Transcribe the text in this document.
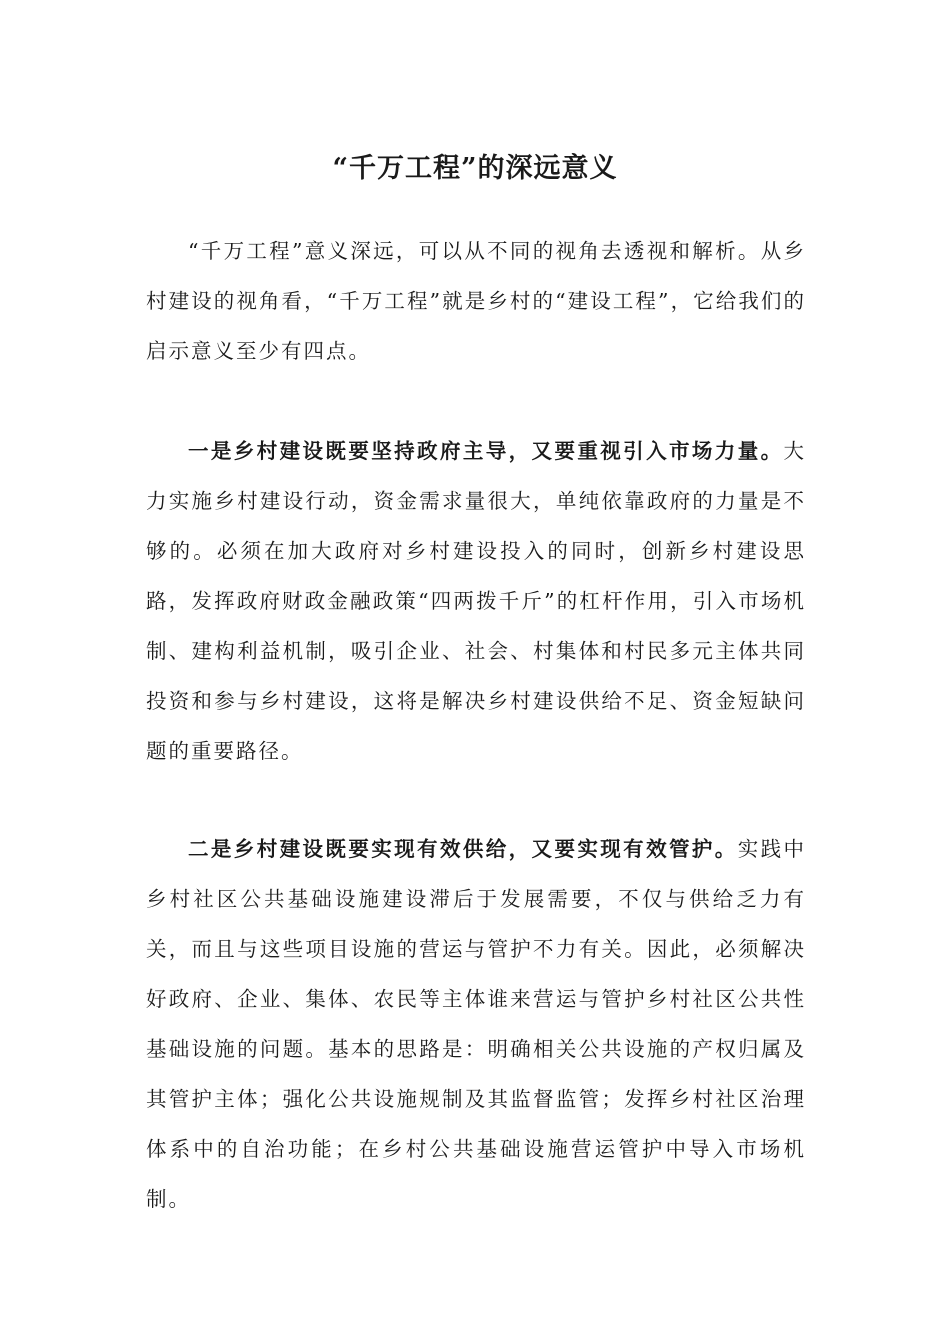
“千万工程”的深远意义

“千万工程”意义深远，可以从不同的视角去透视和解析。从乡村建设的视角看，“千万工程”就是乡村的“建设工程”，它给我们的启示意义至少有四点。

一是乡村建设既要坚持政府主导，又要重视引入市场力量。大力实施乡村建设行动，资金需求量很大，单纯依靠政府的力量是不够的。必须在加大政府对乡村建设投入的同时，创新乡村建设思路，发挥政府财政金融政策“四两拨千斤”的杠杆作用，引入市场机制、建构利益机制，吸引企业、社会、村集体和村民多元主体共同投资和参与乡村建设，这将是解决乡村建设供给不足、资金短缺问题的重要路径。

二是乡村建设既要实现有效供给，又要实现有效管护。实践中乡村社区公共基础设施建设滞后于发展需要，不仅与供给乏力有关，而且与这些项目设施的营运与管护不力有关。因此，必须解决好政府、企业、集体、农民等主体谁来营运与管护乡村社区公共性基础设施的问题。基本的思路是：明确相关公共设施的产权归属及其管护主体；强化公共设施规制及其监督监管；发挥乡村社区治理体系中的自治功能；在乡村公共基础设施营运管护中导入市场机制。
